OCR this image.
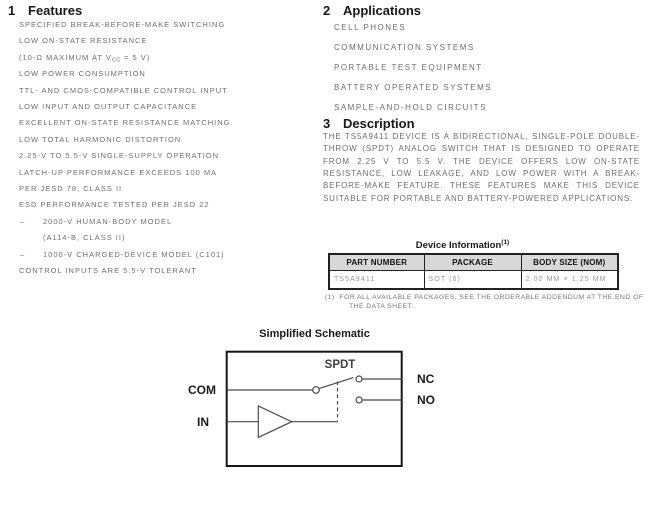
1 Features
SPECIFIED BREAK-BEFORE-MAKE SWITCHING
LOW ON-STATE RESISTANCE
(10-Ω MAXIMUM AT $V_{CC} = 5$ V)
LOW POWER CONSUMPTION
TTL- AND CMOS-COMPATIBLE CONTROL INPUT
LOW INPUT AND OUTPUT CAPACITANCE
EXCELLENT ON-STATE RESISTANCE MATCHING
LOW TOTAL HARMONIC DISTORTION
2.25-V TO 5.5-V SINGLE-SUPPLY OPERATION
LATCH-UP PERFORMANCE EXCEEDS 100 MA
PER JESD 78, CLASS II
ESD PERFORMANCE TESTED PER JESD 22
– 2000-V HUMAN-BODY MODEL
(A114-B, CLASS II)
– 1000-V CHARGED-DEVICE MODEL (C101)
CONTROL INPUTS ARE 5.5-V TOLERANT
2 Applications
CELL PHONES
COMMUNICATION SYSTEMS
PORTABLE TEST EQUIPMENT
BATTERY OPERATED SYSTEMS
SAMPLE-AND-HOLD CIRCUITS
3 Description

THE TS5A9411 DEVICE IS A BIDIRECTIONAL, SINGLE-POLE DOUBLE-THROW (SPDT) ANALOG SWITCH THAT IS DESIGNED TO OPERATE FROM 2.25 V TO 5.5 V. THE DEVICE OFFERS LOW ON-STATE RESISTANCE, LOW LEAKAGE, AND LOW POWER WITH A BREAK-BEFORE-MAKE FEATURE. THESE FEATURES MAKE THIS DEVICE SUITABLE FOR PORTABLE AND BATTERY-POWERED APPLICATIONS.

Device Information$^{(1)}$
PART NUMBER	PACKAGE	BODY SIZE (NOM)
TS5A9411	SOT (6)	2.00 MM × 1.25 MM
(1) FOR ALL AVAILABLE PACKAGES, SEE THE ORDERABLE ADDENDUM AT THE END OF THE DATA SHEET.
Simplified Schematic
SPDT
COM
IN
NC
NO
